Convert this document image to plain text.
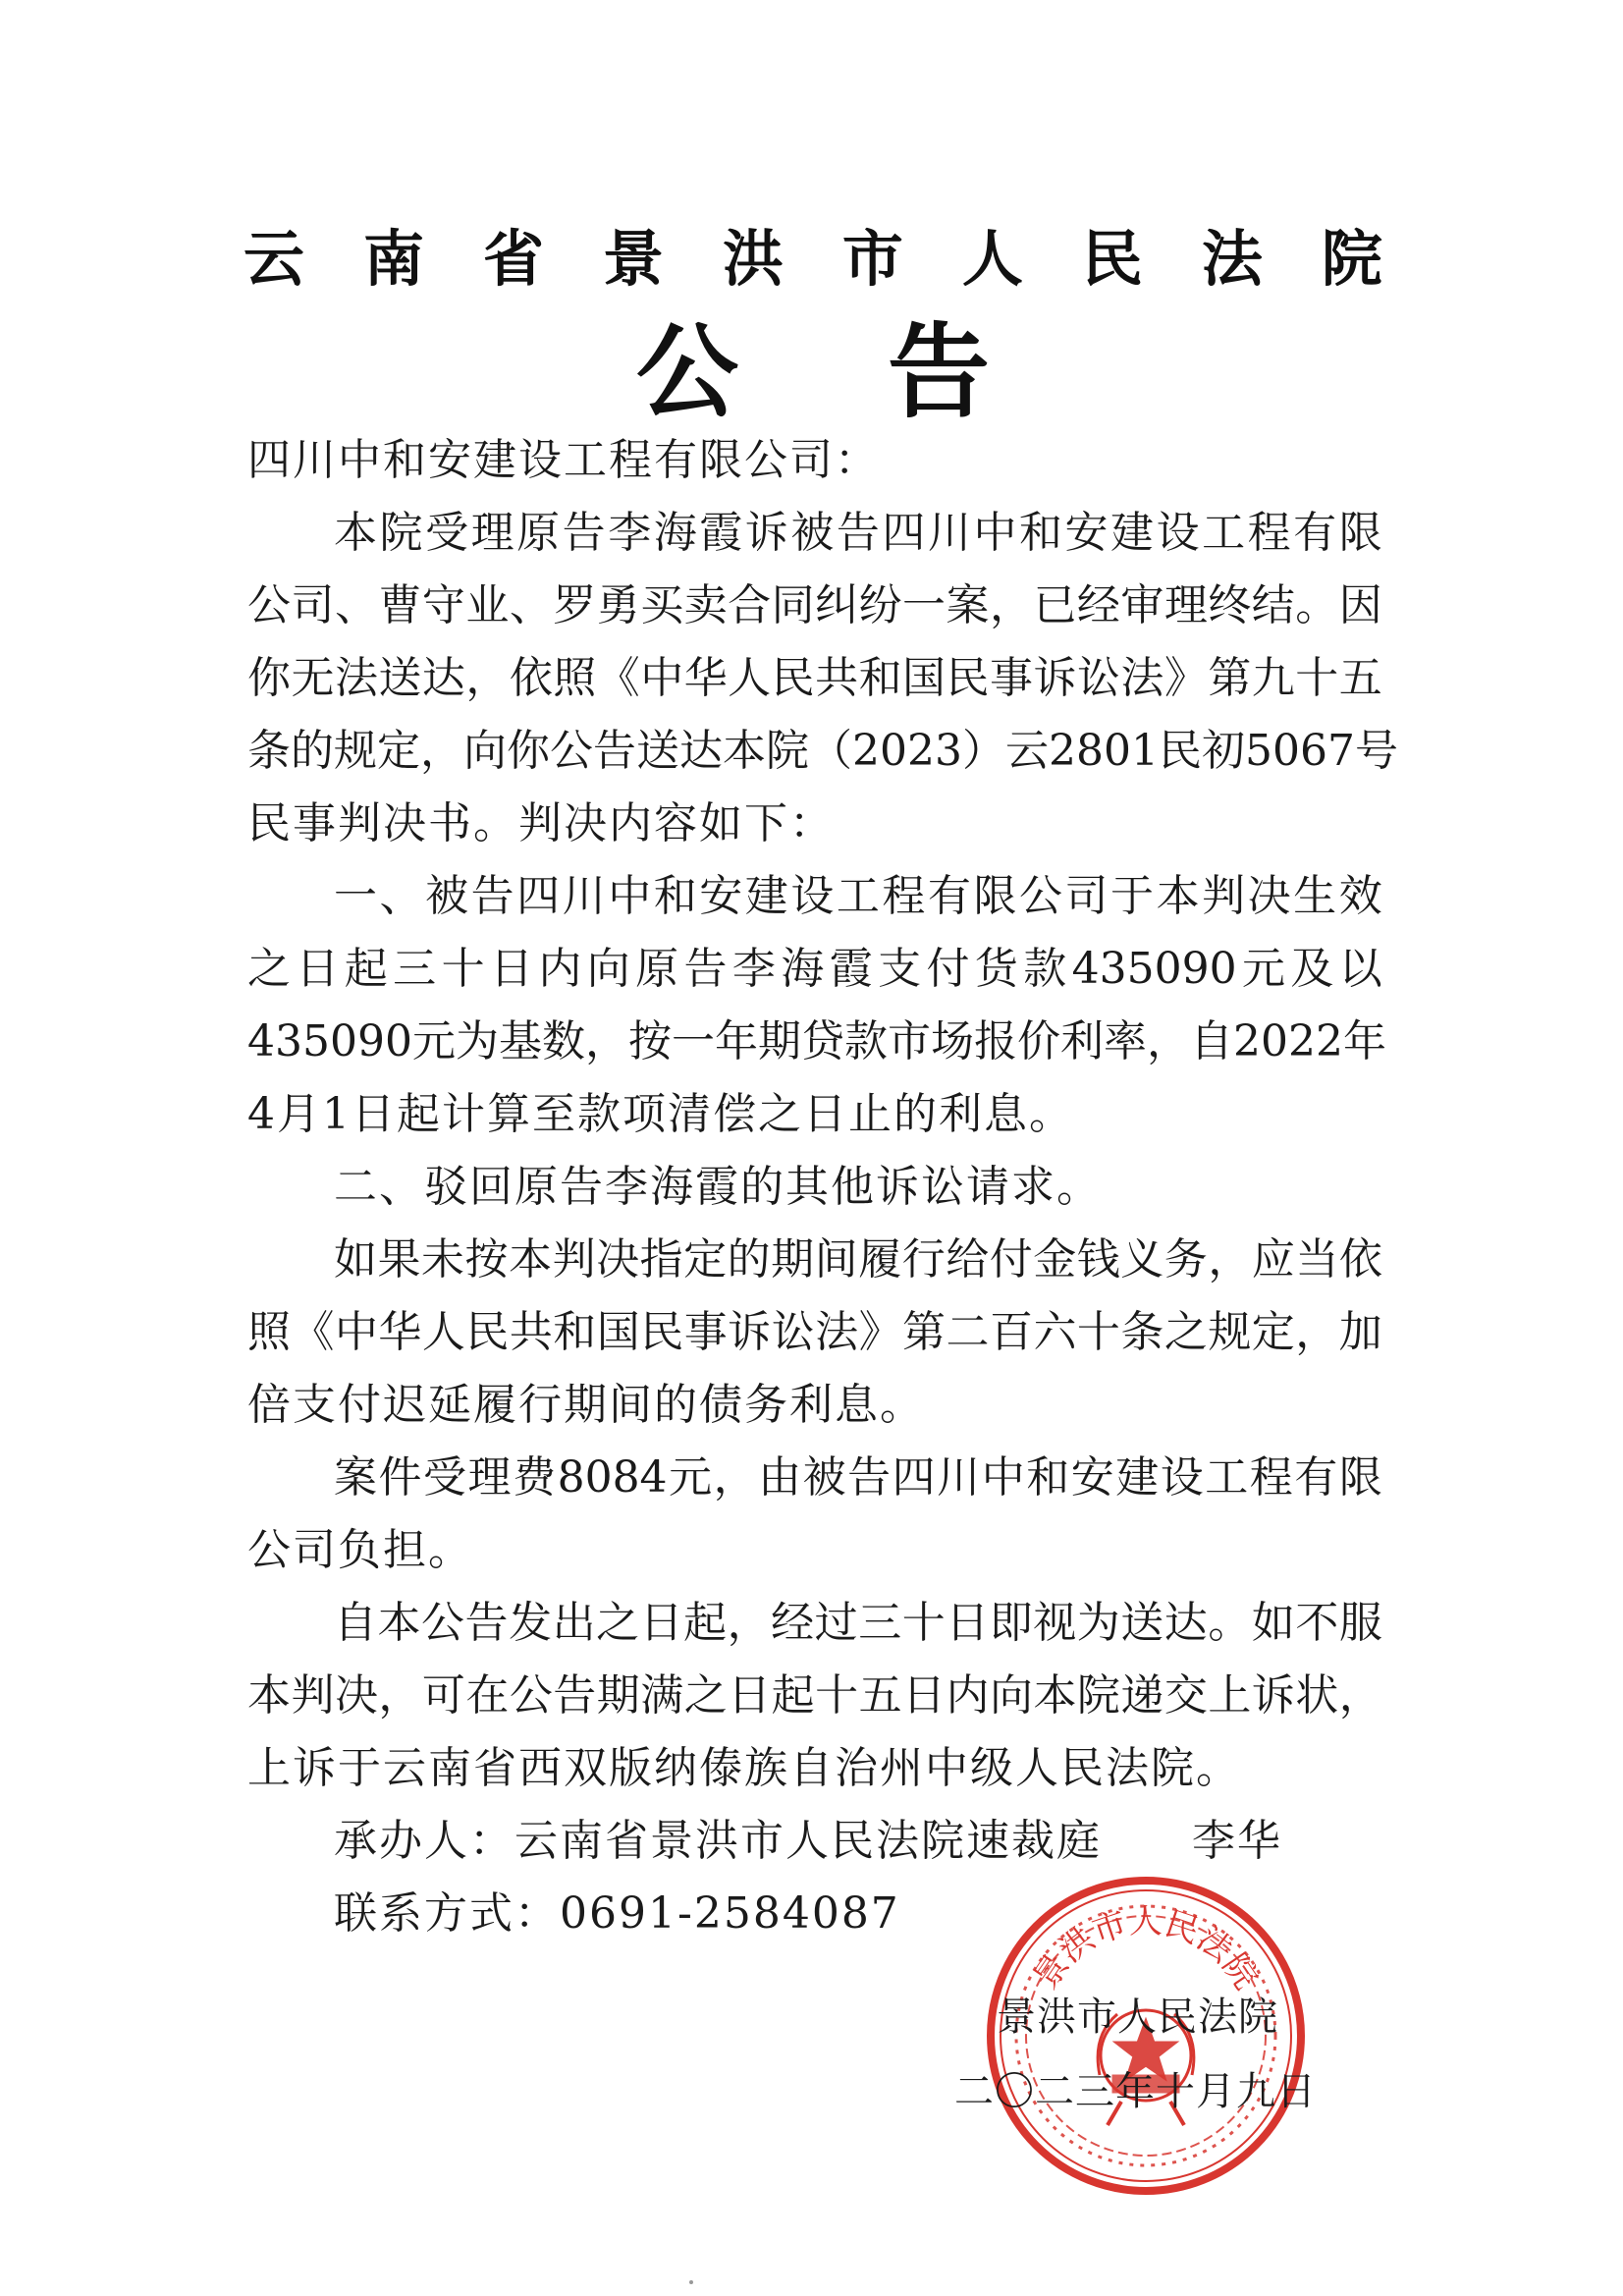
云 南 省 景 洪 市 人 民 法 院
公 告
四川中和安建设工程有限公司：
本 院 受 理 原 告 李 海 霞 诉 被 告 四 川 中 和 安 建 设 工 程 有 限
公 司 、 曹 守 业 、 罗 勇 买 卖 合 同 纠 纷 一 案 ， 已 经 审 理 终 结 。 因
你 无 法 送 达 ， 依 照 《 中 华 人 民 共 和 国 民 事 诉 讼 法 》 第 九 十 五
条 的 规 定 ， 向 你 公 告 送 达 本 院 （2023） 云 2801 民 初 5067 号
民事判决书。判决内容如下：
一 、 被 告 四 川 中 和 安 建 设 工 程 有 限 公 司 于 本 判 决 生 效
之 日 起 三 十 日 内 向 原 告 李 海 霞 支 付 货 款 435090 元 及 以
435090 元 为 基 数 ， 按 一 年 期 贷 款 市 场 报 价 利 率 ， 自 2022 年
4月1日起计算至款项清偿之日止的利息。
二、驳回原告李海霞的其他诉讼请求。
如 果 未 按 本 判 决 指 定 的 期 间 履 行 给 付 金 钱 义 务 ， 应 当 依
照 《 中 华 人 民 共 和 国 民 事 诉 讼 法 》 第 二 百 六 十 条 之 规 定 ， 加
倍支付迟延履行期间的债务利息。
案 件 受 理 费 8084 元 ， 由 被 告 四 川 中 和 安 建 设 工 程 有 限
公司负担。
自 本 公 告 发 出 之 日 起 ， 经 过 三 十 日 即 视 为 送 达 。 如 不 服
本 判 决 ， 可 在 公 告 期 满 之 日 起 十 五 日 内 向 本 院 递 交 上 诉 状 ，
上诉于云南省西双版纳傣族自治州中级人民法院。
承办人：云南省景洪市人民法院速裁庭　　李华
联系方式：0691-2584087
景洪市人民法院
景洪市人民法院
二〇二三年十月九日
